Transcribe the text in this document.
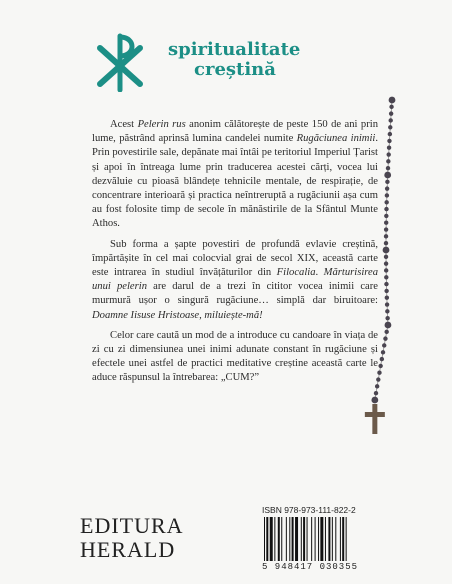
spiritualitate
creștină

Acest Pelerin rus anonim călătorește de peste 150 de ani prin lume, păstrând aprinsă lumina candelei numite Rugăciunea inimii. Prin povestirile sale, depănate mai întâi pe teritoriul Imperiul Țarist și apoi în întreaga lume prin traducerea acestei cărți, vocea lui dezvăluie cu pioasă blândețe tehnicile mentale, de respirație, de concentrare interioară și practica neîntreruptă a rugăciunii așa cum au fost folosite timp de secole în mănăstirile de la Sfântul Munte Athos.

Sub forma a șapte povestiri de profundă evlavie creștină, împărtășite în cel mai colocvial grai de secol XIX, această carte este intrarea în studiul învățăturilor din Filocalia. Mărturisirea unui pelerin are darul de a trezi în cititor vocea inimii care murmură ușor o singură rugăciune… simplă dar biruitoare: Doamne Iisuse Hristoase, miluiește-mă!

Celor care caută un mod de a introduce cu candoare în viața de zi cu zi dimensiunea unei inimi adunate constant în rugăciune și efectele unei astfel de practici meditative creștine această carte le aduce răspunsul la întrebarea: „CUM?”

EDITURA
HERALD
ISBN 978-973-111-822-2
5 948417 030355
